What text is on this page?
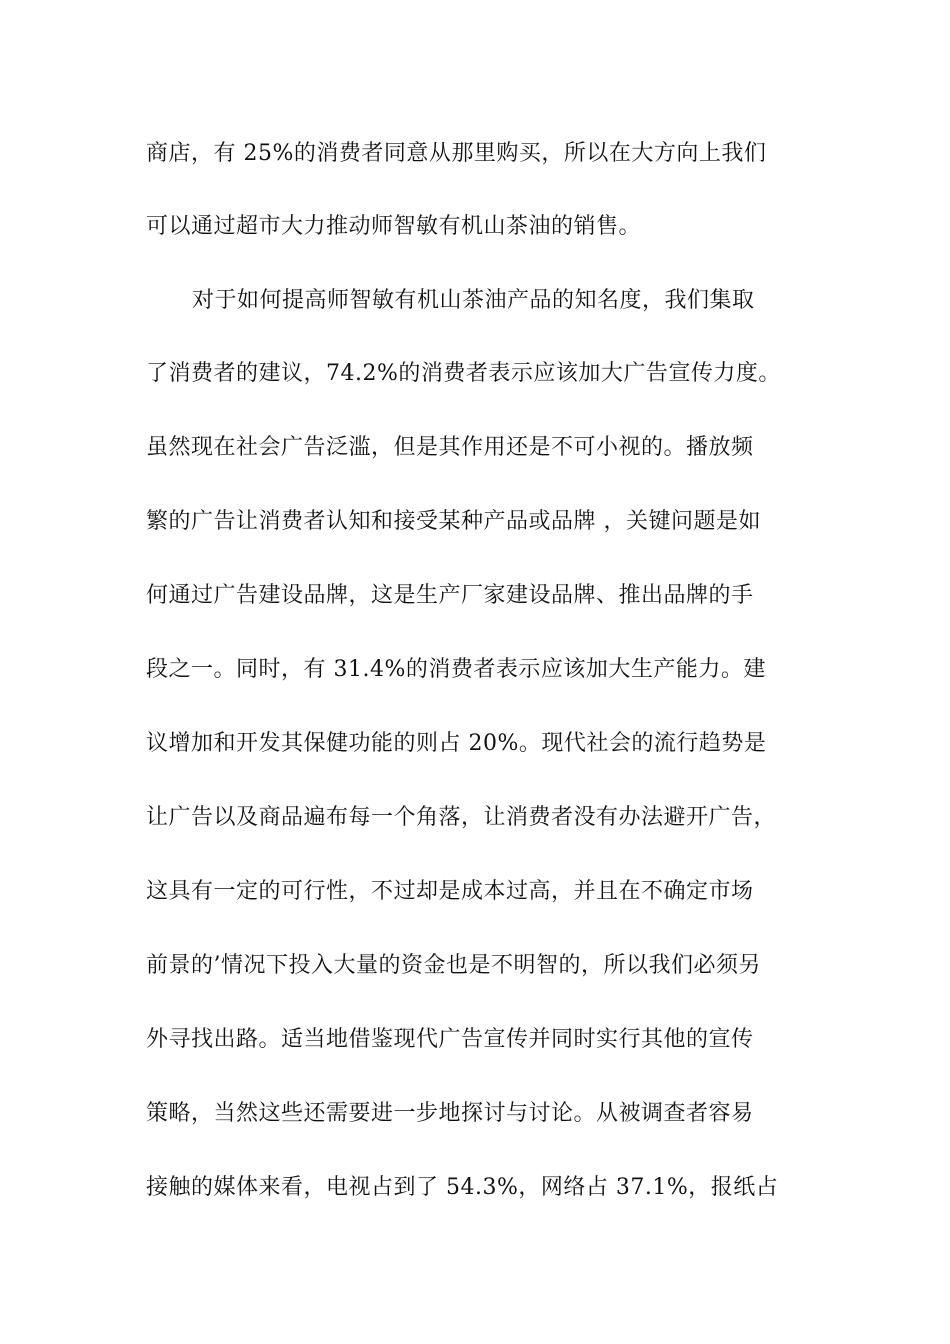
商店，有 25%的消费者同意从那里购买，所以在大方向上我们
可以通过超市大力推动师智敏有机山茶油的销售。
对于如何提高师智敏有机山茶油产品的知名度，我们集取
了消费者的建议，74.2%的消费者表示应该加大广告宣传力度。
虽然现在社会广告泛滥，但是其作用还是不可小视的。播放频
繁的广告让消费者认知和接受某种产品或品牌 ，关键问题是如
何通过广告建设品牌，这是生产厂家建设品牌、推出品牌的手
段之一。同时，有 31.4%的消费者表示应该加大生产能力。建
议增加和开发其保健功能的则占 20%。现代社会的流行趋势是
让广告以及商品遍布每一个角落，让消费者没有办法避开广告，
这具有一定的可行性，不过却是成本过高，并且在不确定市场
前景的’情况下投入大量的资金也是不明智的，所以我们必须另
外寻找出路。适当地借鉴现代广告宣传并同时实行其他的宣传
策略，当然这些还需要进一步地探讨与讨论。从被调查者容易
接触的媒体来看，电视占到了 54.3%，网络占 37.1%，报纸占
